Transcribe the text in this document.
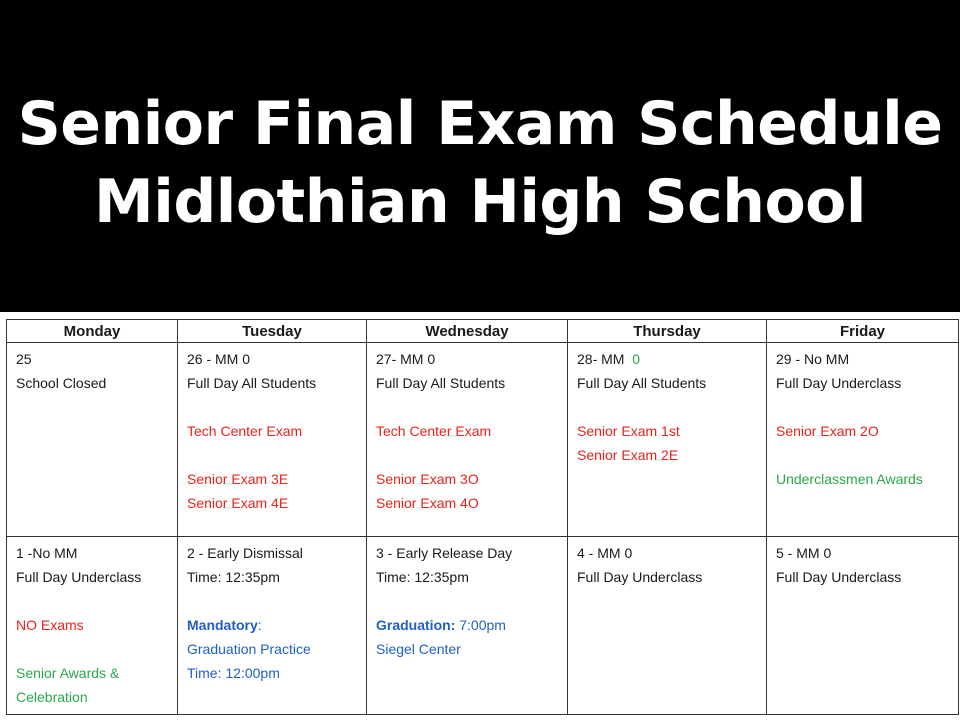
Senior Final Exam Schedule
Midlothian High School
Monday	Tuesday	Wednesday	Thursday	Friday

25
School Closed	26 - MM 0
Full Day All Students
Tech Center Exam
Senior Exam 3E
Senior Exam 4E	27- MM 0
Full Day All Students
Tech Center Exam
Senior Exam 3O
Senior Exam 4O	28- MM 0
Full Day All Students
Senior Exam 1st
Senior Exam 2E	29 - No MM
Full Day Underclass
Senior Exam 2O
Underclassmen Awards

1 -No MM
Full Day Underclass
NO Exams
Senior Awards &
Celebration	2 - Early Dismissal
Time: 12:35pm
Mandatory:
Graduation Practice
Time: 12:00pm	3 - Early Release Day
Time: 12:35pm
Graduation: 7:00pm
Siegel Center	4 - MM 0
Full Day Underclass	5 - MM 0
Full Day Underclass
